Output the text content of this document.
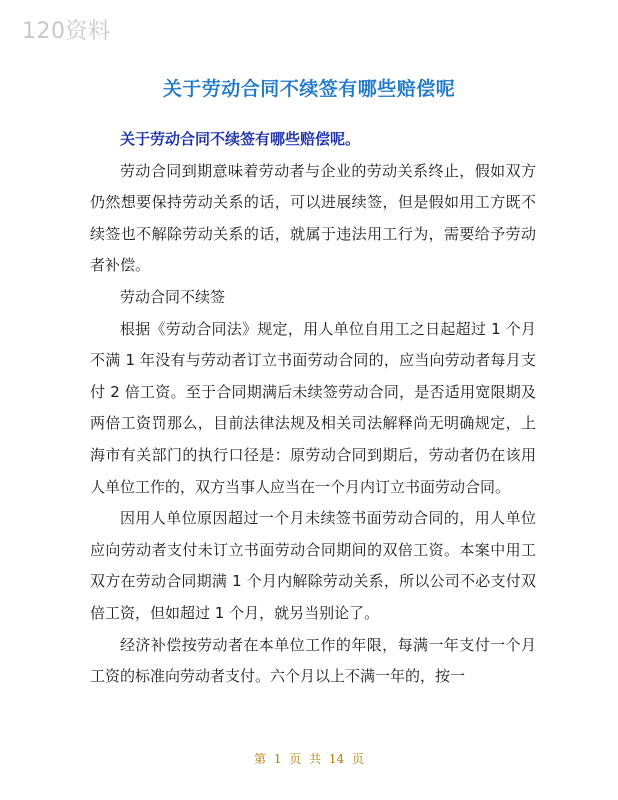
120资料
关于劳动合同不续签有哪些赔偿呢

关于劳动合同不续签有哪些赔偿呢。

劳动合同到期意味着劳动者与企业的劳动关系终止，假如双方仍然想要保持劳动关系的话，可以进展续签，但是假如用工方既不续签也不解除劳动关系的话，就属于违法用工行为，需要给予劳动者补偿。

劳动合同不续签

根据《劳动合同法》规定，用人单位自用工之日起超过 1 个月不满 1 年没有与劳动者订立书面劳动合同的，应当向劳动者每月支付 2 倍工资。至于合同期满后未续签劳动合同，是否适用宽限期及两倍工资罚那么，目前法律法规及相关司法解释尚无明确规定，上海市有关部门的执行口径是：原劳动合同到期后，劳动者仍在该用人单位工作的，双方当事人应当在一个月内订立书面劳动合同。

因用人单位原因超过一个月未续签书面劳动合同的，用人单位应向劳动者支付未订立书面劳动合同期间的双倍工资。本案中用工双方在劳动合同期满 1 个月内解除劳动关系，所以公司不必支付双倍工资，但如超过 1 个月，就另当别论了。

经济补偿按劳动者在本单位工作的年限，每满一年支付一个月工资的标准向劳动者支付。六个月以上不满一年的，按一

第 1 页 共 14 页
